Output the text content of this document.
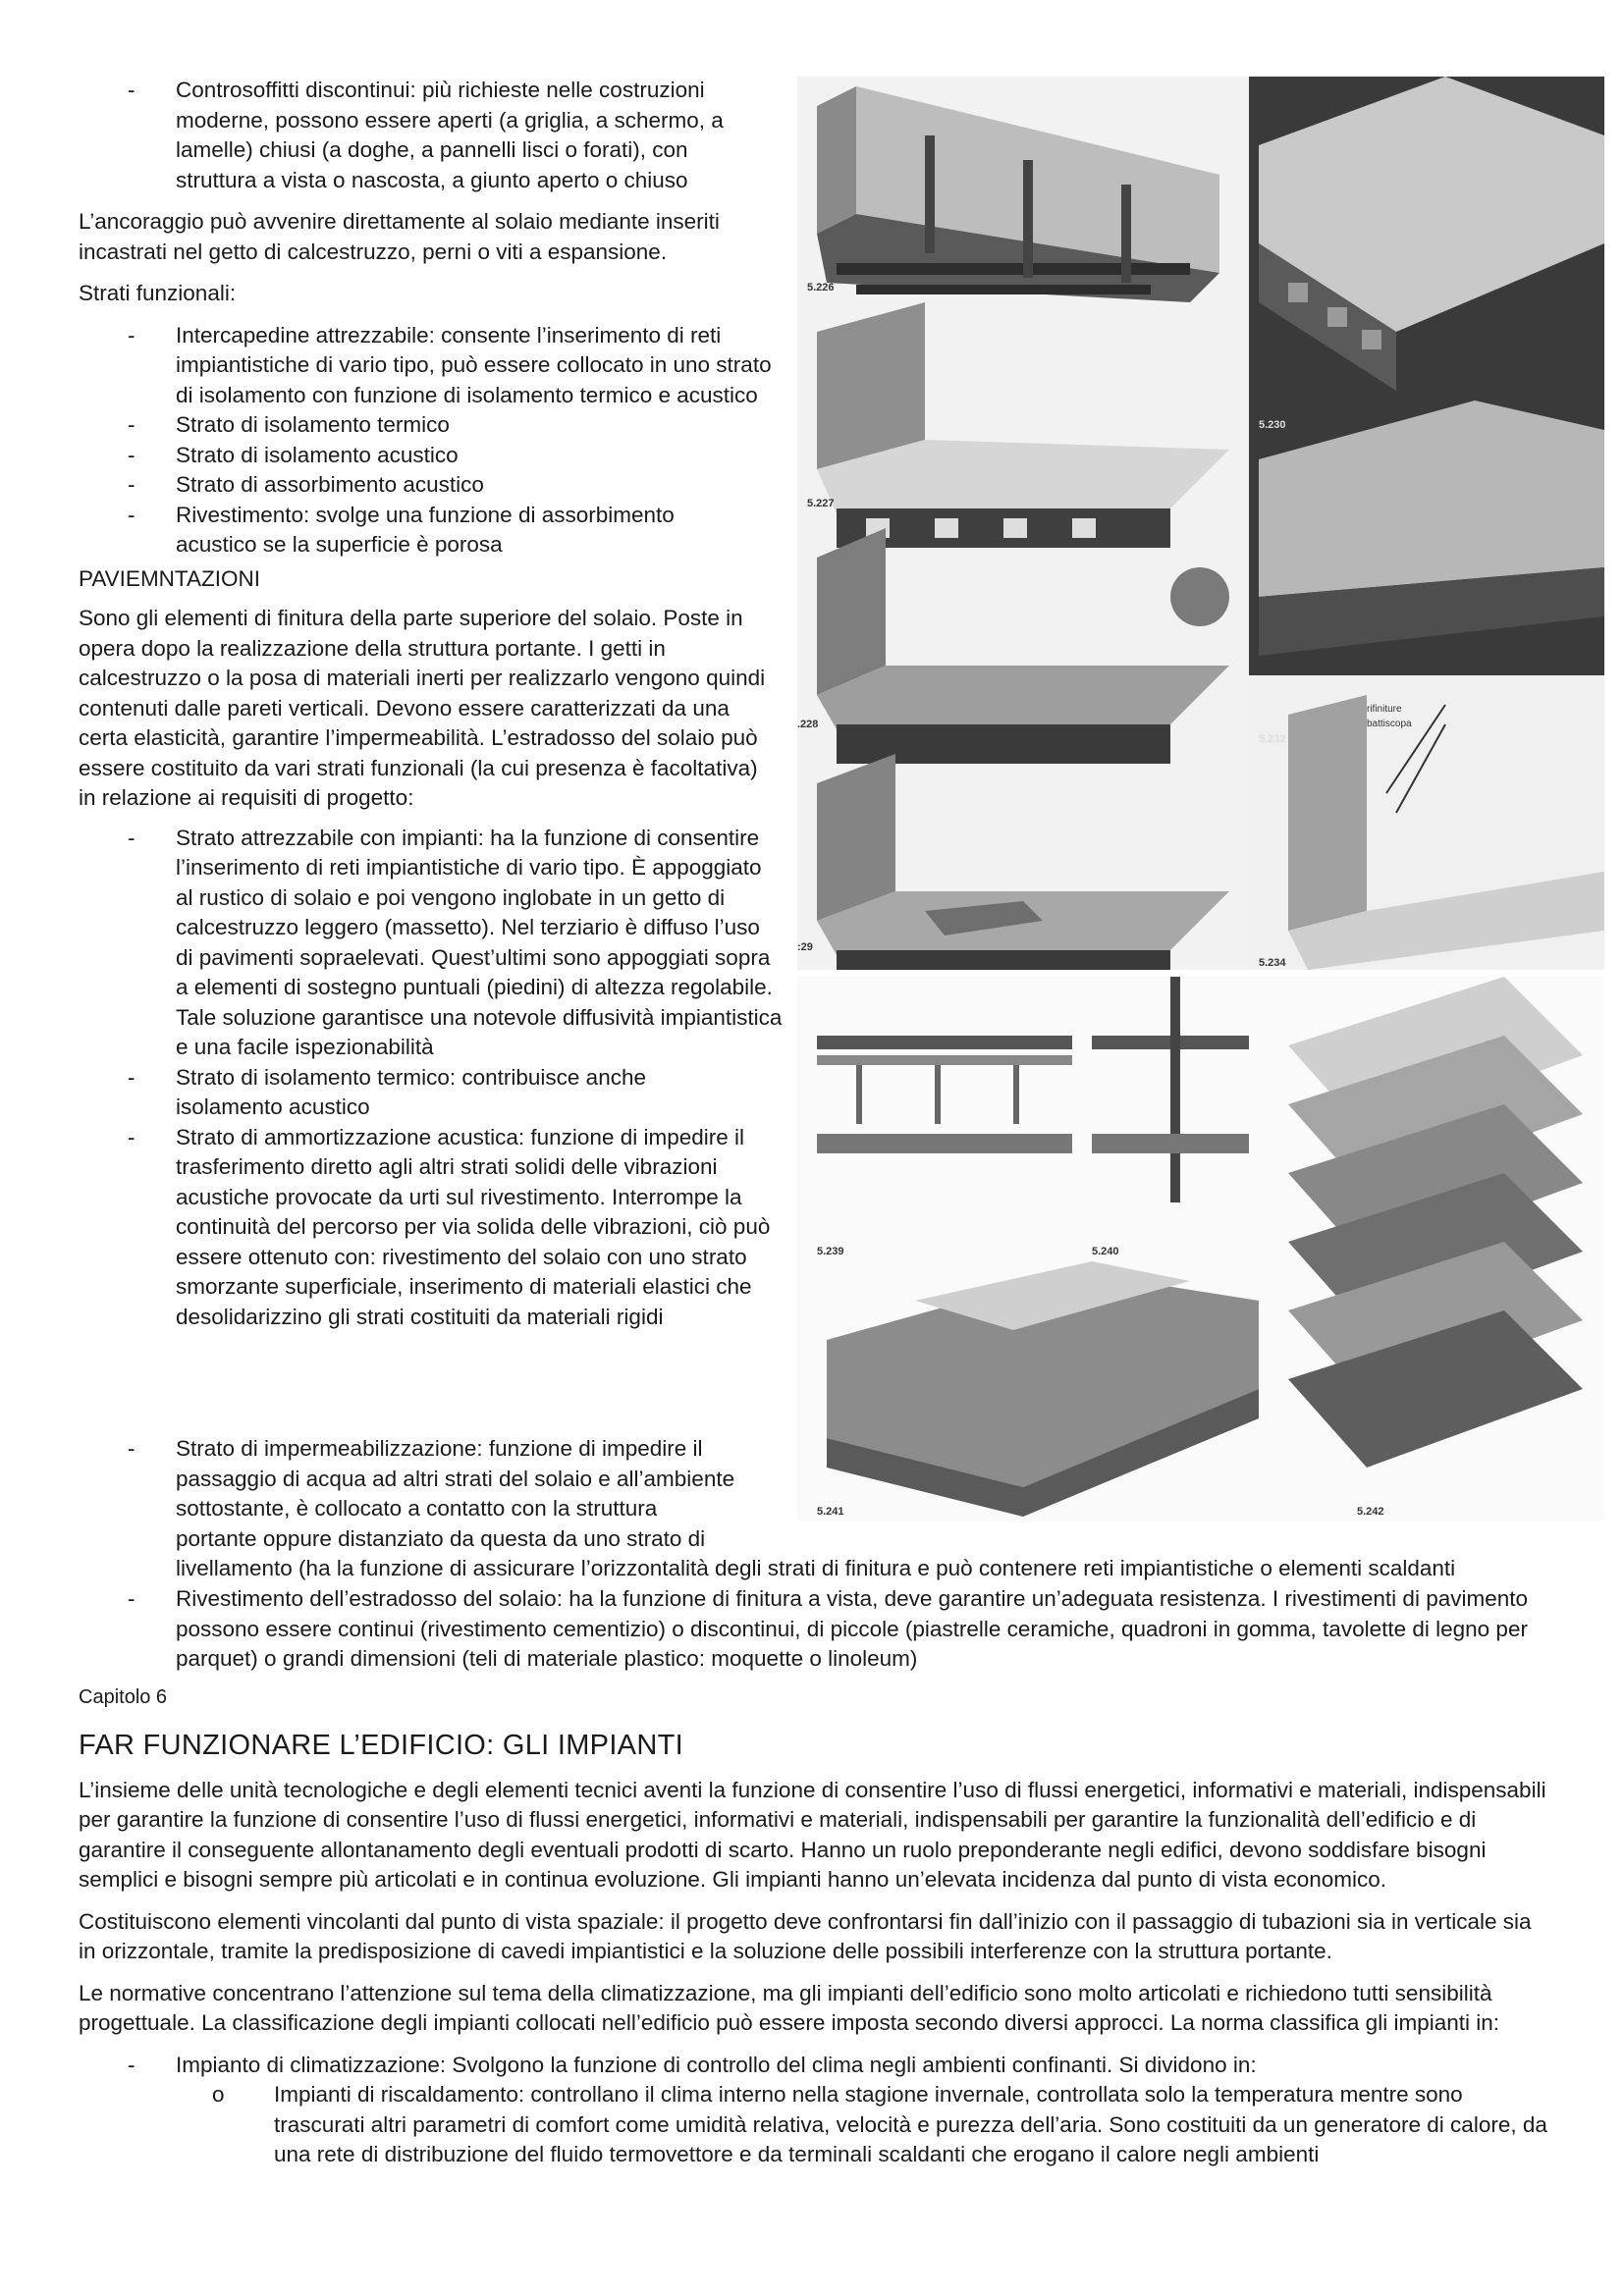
- Controsoffitti discontinui: più richieste nelle costruzioni moderne, possono essere aperti (a griglia, a schermo, a lamelle) chiusi (a doghe, a pannelli lisci o forati), con struttura a vista o nascosta, a giunto aperto o chiuso

L’ancoraggio può avvenire direttamente al solaio mediante inseriti incastrati nel getto di calcestruzzo, perni o viti a espansione.

Strati funzionali:

- Intercapedine attrezzabile: consente l’inserimento di reti impiantistiche di vario tipo, può essere collocato in uno strato di isolamento con funzione di isolamento termico e acustico

- Strato di isolamento termico

- Strato di isolamento acustico

- Strato di assorbimento acustico

- Rivestimento: svolge una funzione di assorbimento acustico se la superficie è porosa

PAVIEMNTAZIONI

Sono gli elementi di finitura della parte superiore del solaio. Poste in opera dopo la realizzazione della struttura portante. I getti in calcestruzzo o la posa di materiali inerti per realizzarlo vengono quindi contenuti dalle pareti verticali. Devono essere caratterizzati da una certa elasticità, garantire l’impermeabilità. L’estradosso del solaio può essere costituito da vari strati funzionali (la cui presenza è facoltativa) in relazione ai requisiti di progetto:

- Strato attrezzabile con impianti: ha la funzione di consentire l’inserimento di reti impiantistiche di vario tipo. È appoggiato al rustico di solaio e poi vengono inglobate in un getto di calcestruzzo leggero (massetto). Nel terziario è diffuso l’uso di pavimenti sopraelevati. Quest’ultimi sono appoggiati sopra a elementi di sostegno puntuali (piedini) di altezza regolabile. Tale soluzione garantisce una notevole diffusività impiantistica e una facile ispezionabilità

- Strato di isolamento termico: contribuisce anche isolamento acustico

- Strato di ammortizzazione acustica: funzione di impedire il trasferimento diretto agli altri strati solidi delle vibrazioni acustiche provocate da urti sul rivestimento. Interrompe la continuità del percorso per via solida delle vibrazioni, ciò può essere ottenuto con: rivestimento del solaio con uno strato smorzante superficiale, inserimento di materiali elastici che desolidarizzino gli strati costituiti da materiali rigidi

- Strato di impermeabilizzazione: funzione di impedire il passaggio di acqua ad altri strati del solaio e all’ambiente sottostante, è collocato a contatto con la struttura portante oppure distanziato da questa da uno strato di livellamento (ha la funzione di assicurare l’orizzontalità degli strati di finitura e può contenere reti impiantistiche o elementi scaldanti

- Rivestimento dell’estradosso del solaio: ha la funzione di finitura a vista, deve garantire un’adeguata resistenza. I rivestimenti di pavimento possono essere continui (rivestimento cementizio) o discontinui, di piccole (piastrelle ceramiche, quadroni in gomma, tavolette di legno per parquet) o grandi dimensioni (teli di materiale plastico: moquette o linoleum)

Capitolo 6

FAR FUNZIONARE L’EDIFICIO: GLI IMPIANTI

L’insieme delle unità tecnologiche e degli elementi tecnici aventi la funzione di consentire l’uso di flussi energetici, informativi e materiali, indispensabili per garantire la funzione di consentire l’uso di flussi energetici, informativi e materiali, indispensabili per garantire la funzionalità dell’edificio e di garantire il conseguente allontanamento degli eventuali prodotti di scarto. Hanno un ruolo preponderante negli edifici, devono soddisfare bisogni semplici e bisogni sempre più articolati e in continua evoluzione. Gli impianti hanno un’elevata incidenza dal punto di vista economico.

Costituiscono elementi vincolanti dal punto di vista spaziale: il progetto deve confrontarsi fin dall’inizio con il passaggio di tubazioni sia in verticale sia in orizzontale, tramite la predisposizione di cavedi impiantistici e la soluzione delle possibili interferenze con la struttura portante.

Le normative concentrano l’attenzione sul tema della climatizzazione, ma gli impianti dell’edificio sono molto articolati e richiedono tutti sensibilità progettuale. La classificazione degli impianti collocati nell’edificio può essere imposta secondo diversi approcci. La norma classifica gli impianti in:

- Impianto di climatizzazione: Svolgono la funzione di controllo del clima negli ambienti confinanti. Si dividono in:

o Impianti di riscaldamento: controllano il clima interno nella stagione invernale, controllata solo la temperatura mentre sono trascurati altri parametri di comfort come umidità relativa, velocità e purezza dell’aria. Sono costituiti da un generatore di calore, da una rete di distribuzione del fluido termovettore e da terminali scaldanti che erogano il calore negli ambienti

5.226
5.227
.228
:29
5.230
5.232
5.234
rifiniture
battiscopa
5.239	5.240
5.241	5.242
